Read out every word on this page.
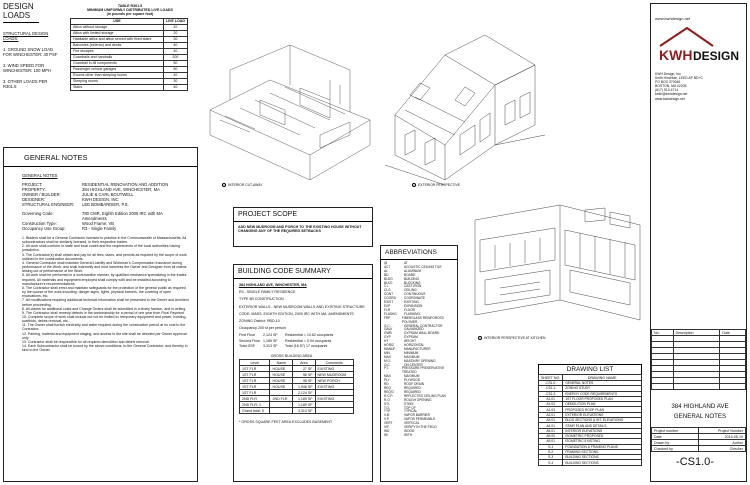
DESIGN LOADS
STRUCTURAL DESIGN LOADS:
1. GROUND SNOW LOAD FOR WINCHESTER: 40 PSF
2. WIND SPEED FOR WINCHESTER: 100 MPH
3. OTHER LOADS PER R301.5
TABLE R301.5
MINIMUM UNIFORMLY DISTRIBUTED LIVE LOADS
(in pounds per square foot)
USE	LIVE LOAD
Attics without storage	10
Attics with limited storage	20
Habitable attics and attics served with fixed stairs	30
Balconies (exterior) and decks	40
Fire escapes	40
Guardrails and handrails	200
Guardrail in-fill components	50
Passenger vehicle garages	50
Rooms other than sleeping rooms	40
Sleeping rooms	30
Stairs	40
INTERIOR CUT-AWAY	EXTERIOR PERSPECTIVE
www.kwhdesign.net
KWH DESIGN
KWH Design, Inc
Keith Hinchlae, LEED AP BD+C
PO BOX 370046
BOSTON, MA 02205
(617) 913-4714
keith@kwhdesign.net
www.kwhdesign.net
No.	Description	Date

384 HIGHLAND AVE
GENERAL NOTES
Project number	Project Number
Date	2014-05-19
Drawn by	Author
Checked by	Checker
-CS1.0-
GENERAL NOTES
GENERAL NOTES
PROJECT:	RESIDENTIAL RENOVATION AND ADDITION
PROPERTY:	384 HIGHLAND AVE, WINCHESTER, MA
OWNER / BUILDER:	JULIE & CARL BOUTWELL
DESIGNER:	KWH DESIGN, INC
STRUCTURAL ENGINEER:	LEE BOMBARDIER, P.E.
Governing Code:	780 CMR, Eighth Edition 2009 IRC with MA Amendments
Construction Type:	Wood Frame, VB
Occupancy Use Group:	R3 - Single Family
1. Bidders shall be a General Contractor licensed to practice in the Commonwealth of Massachusetts. All subcontractors shall be similarly licensed, in their respective trades.
2. All work shall conform to state and local codes and the requirements of the local authorities having jurisdiction.
3. The Contractor(s) shall obtain and pay for all fees, taxes, and permits as required by the scope of work outlined in the construction documents.
4. General Contractor shall maintain General Liability and Workman's Compensation Insurance during performance of the Work; and shall indemnify and hold harmless the Owner and Designer from all claims arising out of performance of the Work.
5. All work shall be performed in a workmanlike manner, by qualified mechanics specializing in the trades required. All materials and equipment employed shall comply with and be installed according to manufacturer's recommendations.
6. The Contractor shall erect and maintain safeguards for the protection of the general public as required by the course of the work including: danger signs, lights, physical barriers, the covering of open excavations, etc.
7. All modifications requiring additional technical information shall be presented to the Owner and Architect before proceeding.
8. All claims for additional costs and Change Orders shall be submitted in a timely fashion, and in writing.
9. The Contractor shall remedy defects in the workmanship for a period of one year from Final Payment.
10. Complete scope of work shall include but not be limited to: temporary equipment and power, hoisting, scaffolds, debris removal, etc.
11. The Owner shall furnish electricity and water required during the construction period at no cost to the Contractor.
12. Parking, material and equipment staging, and access to the site shall be directed per Owner approval only.
13. Contractor shall be responsible for all required demolition and debris removal.
14. Each Subcontractor shall be bound by the above conditions, to the General Contractor, and thereby in kind to the Owner.
PROJECT SCOPE
ADD NEW MUDROOM AND PORCH TO THE EXISTING HOUSE WITHOUT CHANGING ANY OF THE REQUIRED SETBACKS
BUILDING CODE SUMMARY
384 HIGHLAND AVE, WINCHESTER, MA
R3 - SINGLE FAMILY RESIDENCE
TYPE 5B CONSTRUCTION
EXTERIOR WALLS - NEW MUDROOM WALLS AND EXISTING STRUCTURE
CODE: MASS. EIGHTH EDITION, 2009 IRC WITH MA. AMENDMENTS
ZONING District: RBD-10
Occupancy 200 sf per person
First Floor	2,124 SF	Residential = 10.62 occupants
Second Floor 1,189 SF	Residential = 5.94 occupants
Total GSF	3,313 SF	Total (16.57) 17 occupants
GROSS BUILDING AREA
Level	Name	Area	Comments
1ST FLR	HOUSE	27 SF	EXISTING
1ST FLR	HOUSE	56 SF	NEW MUDROOM
1ST FLR	HOUSE	95 SF	NEW PORCH
1ST FLR	HOUSE	1,946 SF	EXISTING
1ST FLR		2,124 SF	
2ND FLR	2ND FLR	1,189 SF	EXISTING
2ND FLR: 1		1,189 SF	
Grand total: 5		3,313 SF	
* GROSS SQUARE FEET AREA EXCLUDES BASEMENT
ABBREVIATIONS
@	AT
ACT	ACOUSTIC CEILING TILE
AL	ALUMINUM
BD	BOARD
BLDG	BUILDING
BLKG	BLOCKING
C.I.	CAST IRON
CLG	CEILING
CONT	CONTINUOUS
COORD	COORDINATE
EXIST	EXISTING
EXP	EXPANSION
FLR	FLOOR
FLASHG	FLASHING
FRP	FIBERGLASS REINFORCED POLYMER
G.C.	GENERAL CONTRACTOR
GALV	GALVANIZED
GWB	GYPSUM WALL BOARD
GYP	GYPSUM
HT	HEIGHT
HORIZ	HORIZONTAL
MANUF	MANUFACTURER
MIN	MINIMUM
MAX	MAXIMUM
M.O.	MASONRY OPENING
O.C.	ON CENTER
P.T.	PRESSURE PRESERVATIVE TREATED
MAX	MAXIMUM
PLY	PLYWOOD
RD	ROOF DRAIN
REQ	REQUIRED
REQ'D	REQUIRED
R.C.P.	REFLECTED CEILING PLAN
R.O.	ROUGH OPENING
STL	STEEL
T.O.	TOP OF
TYP	TYPICAL
V.B.	VAPOR BARRIER
V.P.	VAPOR PERMEABLE
VERT	VERTICAL
VIF	VERIFY IN THE FIELD
WD	WOOD
W/	WITH
INTERIOR PERSPECTIVE AT KITCHEN
DRAWING LIST
SHEET NO.	DRAWING NAME
-CS1.0-	GENERAL NOTES
-CS1.1-	ZONING STUDY
-CS1.2-	ENERGY CODE REQUIREMENTS
A1.01	1ST FLOOR PROPOSED PLAN
A1.02	DEMOLITION PLAN
A1.03	PROPOSED ROOF PLAN
A2.01	EXTERIOR ELEVATIONS
A3.01	BLDG SECTIONS & INT. ELEVATIONS
A4.01	STAIR PLAN AND DETAILS
A5.01	INTERIOR ELEVATIONS
A9.00	ISOMETRIC PROPOSED
A9.01	ISOMETRIC EXISTING
S-1	FOUNDATION & FRAMING PLANS
S-2	FRAMING SECTIONS
S-3	BUILDING SECTIONS
S-4	BUILDING SECTIONS
